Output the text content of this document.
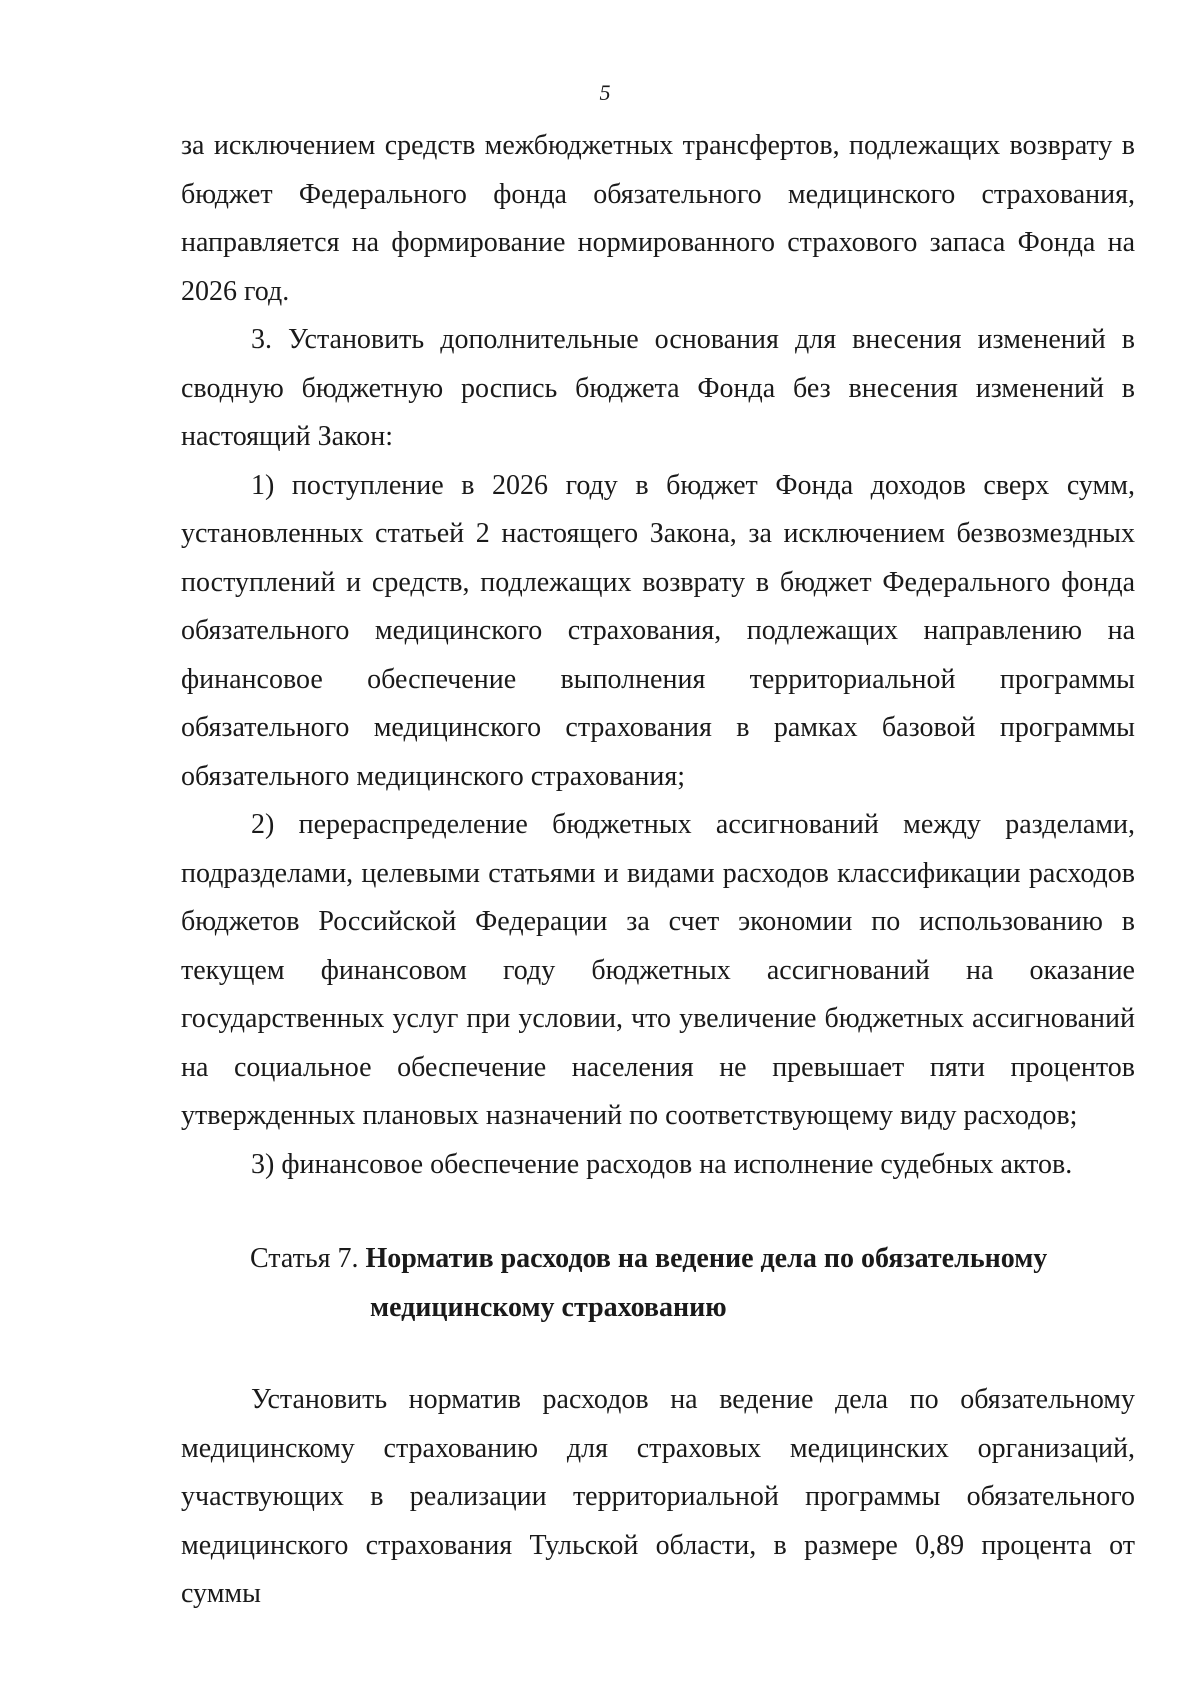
5

за исключением средств межбюджетных трансфертов, подлежащих возврату в бюджет Федерального фонда обязательного медицинского страхования, направляется на формирование нормированного страхового запаса Фонда на 2026 год.

3. Установить дополнительные основания для внесения изменений в сводную бюджетную роспись бюджета Фонда без внесения изменений в настоящий Закон:

1) поступление в 2026 году в бюджет Фонда доходов сверх сумм, установленных статьей 2 настоящего Закона, за исключением безвозмездных поступлений и средств, подлежащих возврату в бюджет Федерального фонда обязательного медицинского страхования, подлежащих направлению на финансовое обеспечение выполнения территориальной программы обязательного медицинского страхования в рамках базовой программы обязательного медицинского страхования;

2) перераспределение бюджетных ассигнований между разделами, подразделами, целевыми статьями и видами расходов классификации расходов бюджетов Российской Федерации за счет экономии по использованию в текущем финансовом году бюджетных ассигнований на оказание государственных услуг при условии, что увеличение бюджетных ассигнований на социальное обеспечение населения не превышает пяти процентов утвержденных плановых назначений по соответствующему виду расходов;

3) финансовое обеспечение расходов на исполнение судебных актов.

Статья 7. Норматив расходов на ведение дела по обязательному
медицинскому страхованию

Установить норматив расходов на ведение дела по обязательному медицинскому страхованию для страховых медицинских организаций, участвующих в реализации территориальной программы обязательного медицинского страхования Тульской области, в размере 0,89 процента от суммы
